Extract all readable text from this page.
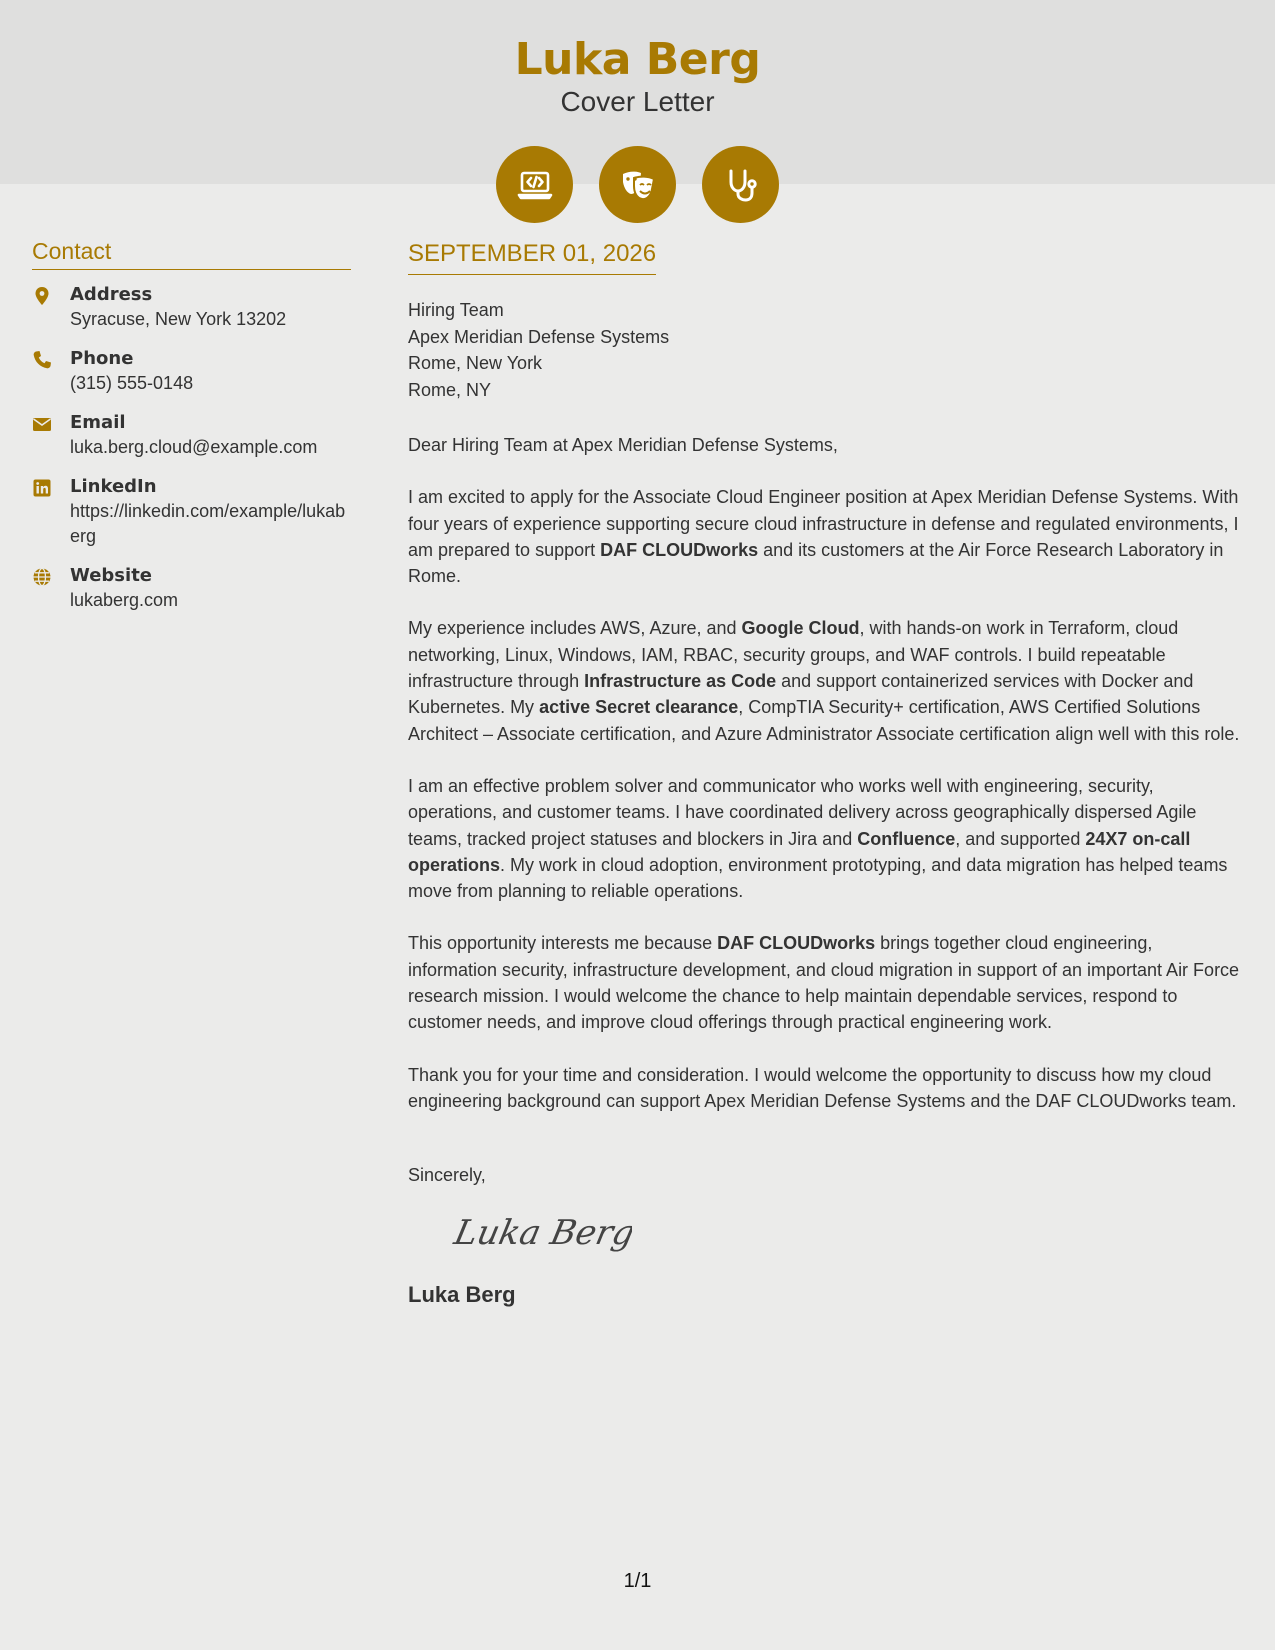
Luka Berg
Cover Letter
Contact
Address
Syracuse, New York 13202
Phone
(315) 555-0148
Email
luka.berg.cloud@example.com
LinkedIn
https://linkedin.com/example/lukaberg
Website
lukaberg.com
SEPTEMBER 01, 2026
Hiring Team
Apex Meridian Defense Systems
Rome, New York
Rome, NY
Dear Hiring Team at Apex Meridian Defense Systems,
I am excited to apply for the Associate Cloud Engineer position at Apex Meridian Defense Systems. With four years of experience supporting secure cloud infrastructure in defense and regulated environments, I am prepared to support DAF CLOUDworks and its customers at the Air Force Research Laboratory in Rome.
My experience includes AWS, Azure, and Google Cloud, with hands-on work in Terraform, cloud networking, Linux, Windows, IAM, RBAC, security groups, and WAF controls. I build repeatable infrastructure through Infrastructure as Code and support containerized services with Docker and Kubernetes. My active Secret clearance, CompTIA Security+ certification, AWS Certified Solutions Architect – Associate certification, and Azure Administrator Associate certification align well with this role.
I am an effective problem solver and communicator who works well with engineering, security, operations, and customer teams. I have coordinated delivery across geographically dispersed Agile teams, tracked project statuses and blockers in Jira and Confluence, and supported 24X7 on-call operations. My work in cloud adoption, environment prototyping, and data migration has helped teams move from planning to reliable operations.
This opportunity interests me because DAF CLOUDworks brings together cloud engineering, information security, infrastructure development, and cloud migration in support of an important Air Force research mission. I would welcome the chance to help maintain dependable services, respond to customer needs, and improve cloud offerings through practical engineering work.
Thank you for your time and consideration. I would welcome the opportunity to discuss how my cloud engineering background can support Apex Meridian Defense Systems and the DAF CLOUDworks team.
Sincerely,
Luka Berg
Luka Berg
1/1
